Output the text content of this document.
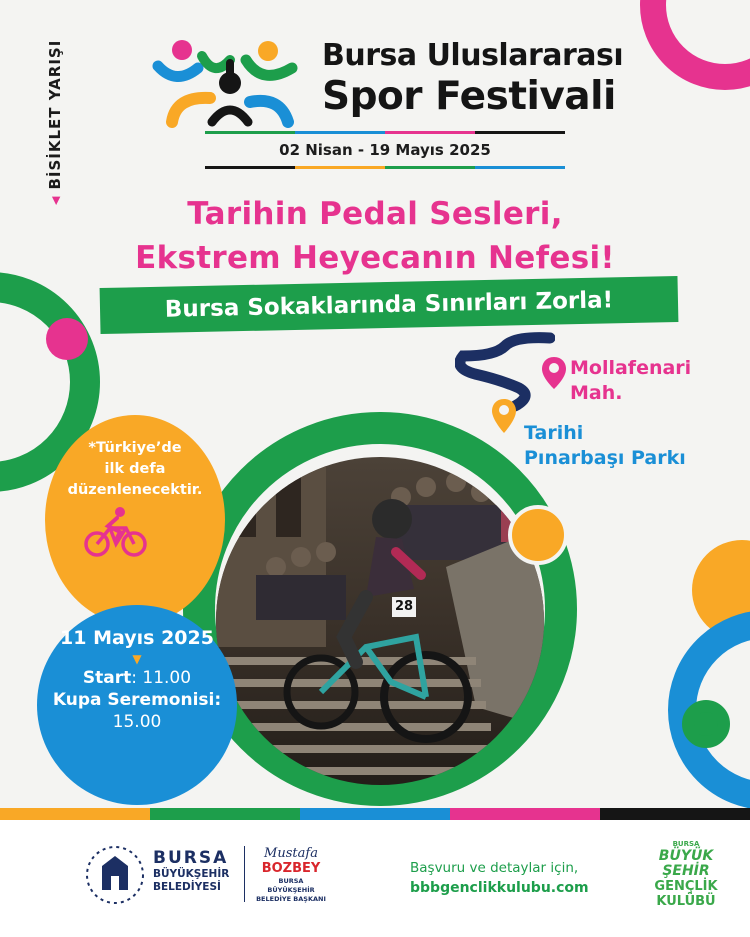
◀
BİSİKLET YARIŞI	Bursa Uluslararası
Spor Festivali
02 Nisan - 19 Mayıs 2025
Tarihin Pedal Sesleri,
Ekstrem Heyecanın Nefesi!
Bursa Sokaklarında Sınırları Zorla!
Mollafenari
Mah.
Tarihi
Pınarbaşı Parkı
28
*Türkiye’de
ilk defa
düzenlenecektir.
11 Mayıs 2025
▼
Start: 11.00
Kupa Seremonisi:
15.00
BURSA
BÜYÜKŞEHİR
BELEDİYESİ
Mustafa
BOZBEY
BURSA BÜYÜKŞEHİR
BELEDİYE BAŞKANI
Başvuru ve detaylar için,
bbbgenclikkulubu.com
BURSA
BÜYÜK
ŞEHİR
GENÇLİK
KULÜBÜ
